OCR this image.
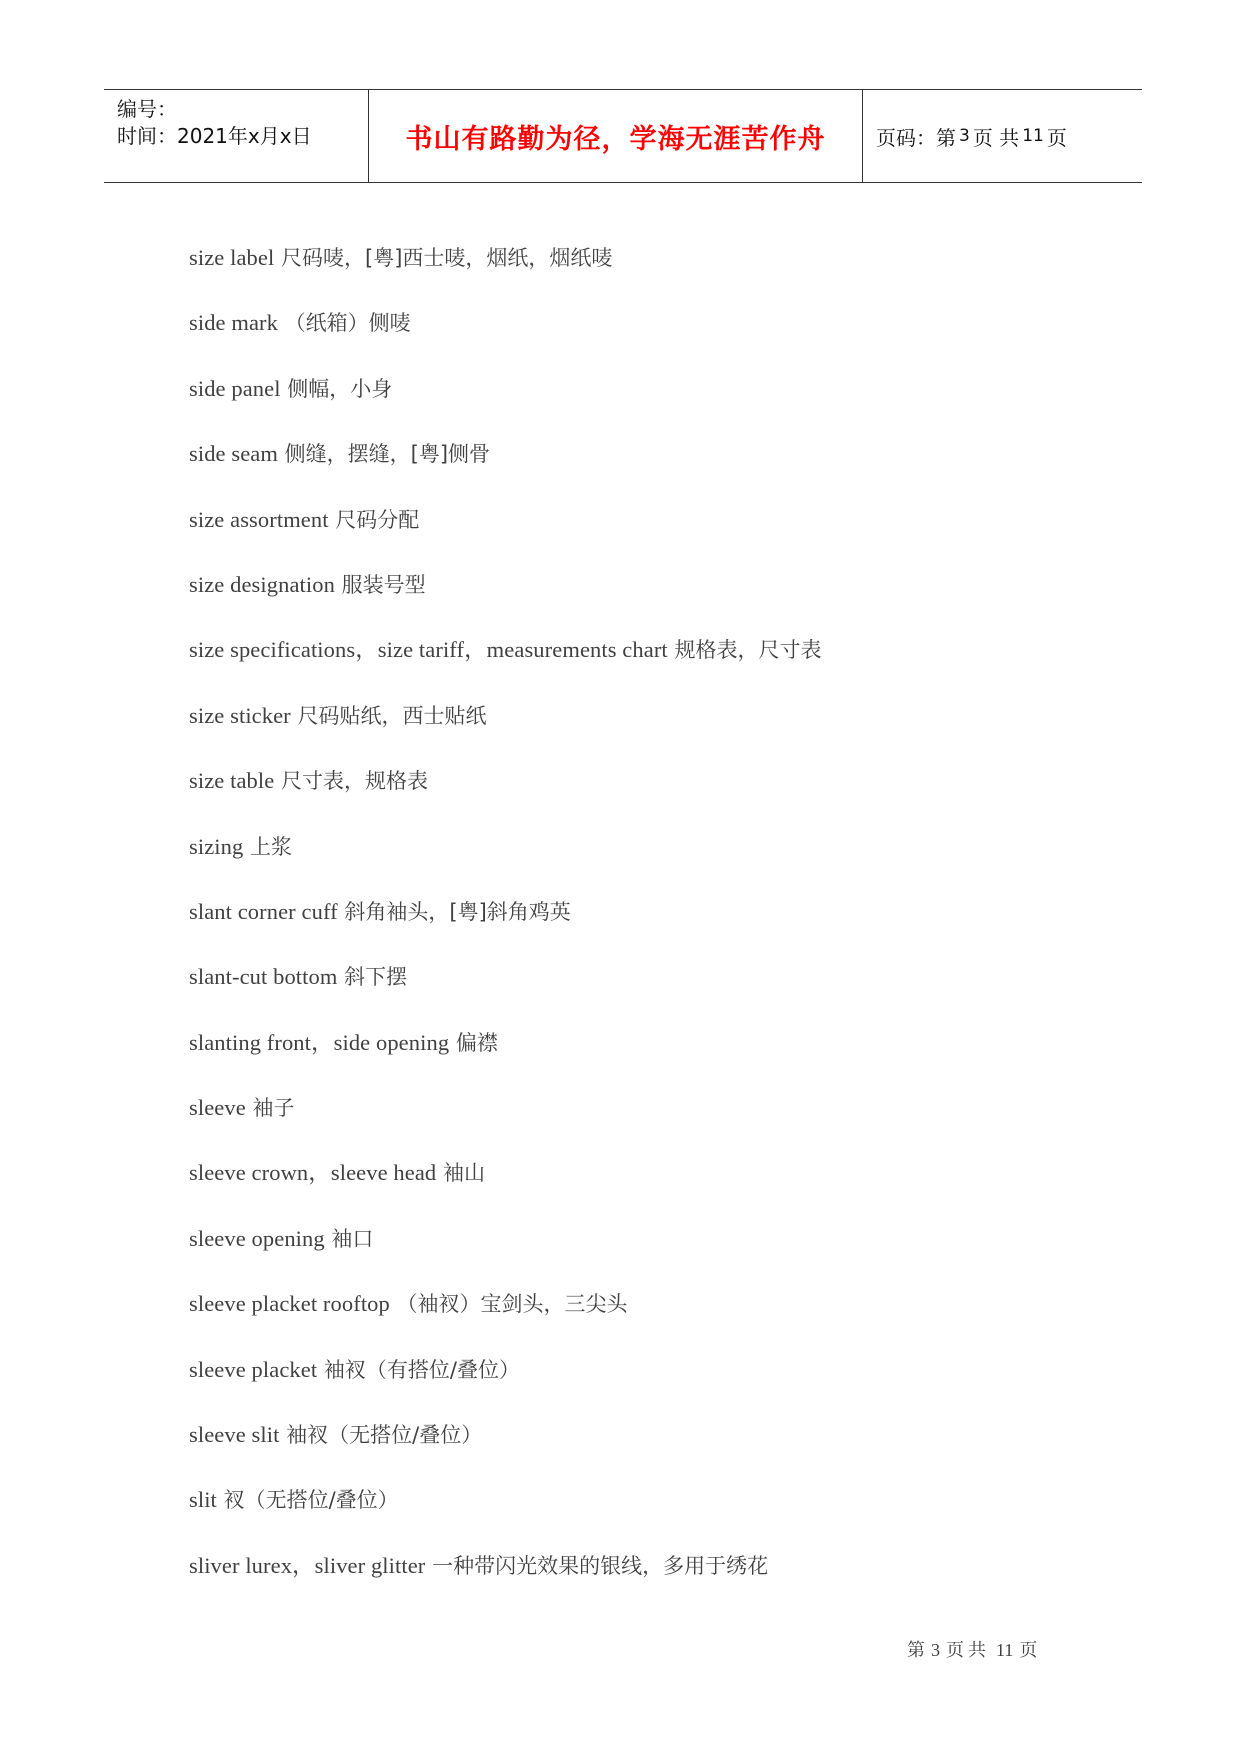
编号：
时间：2021年x月x日	书山有路勤为径，学海无涯苦作舟	页码：第 3 页 共 11 页
size label 尺码唛，[粤]西士唛，烟纸，烟纸唛
side mark （纸箱）侧唛
side panel 侧幅，小身
side seam 侧缝，摆缝，[粤]侧骨
size assortment 尺码分配
size designation 服装号型
size specifications，size tariff，measurements chart 规格表，尺寸表
size sticker 尺码贴纸，西士贴纸
size table 尺寸表，规格表
sizing 上浆
slant corner cuff 斜角袖头，[粤]斜角鸡英
slant-cut bottom 斜下摆
slanting front，side opening 偏襟
sleeve 袖子
sleeve crown，sleeve head 袖山
sleeve opening 袖口
sleeve placket rooftop （袖衩）宝剑头，三尖头
sleeve placket 袖衩（有搭位/叠位）
sleeve slit 袖衩（无搭位/叠位）
slit 衩（无搭位/叠位）
sliver lurex，sliver glitter 一种带闪光效果的银线，多用于绣花
第 3 页 共 11 页
